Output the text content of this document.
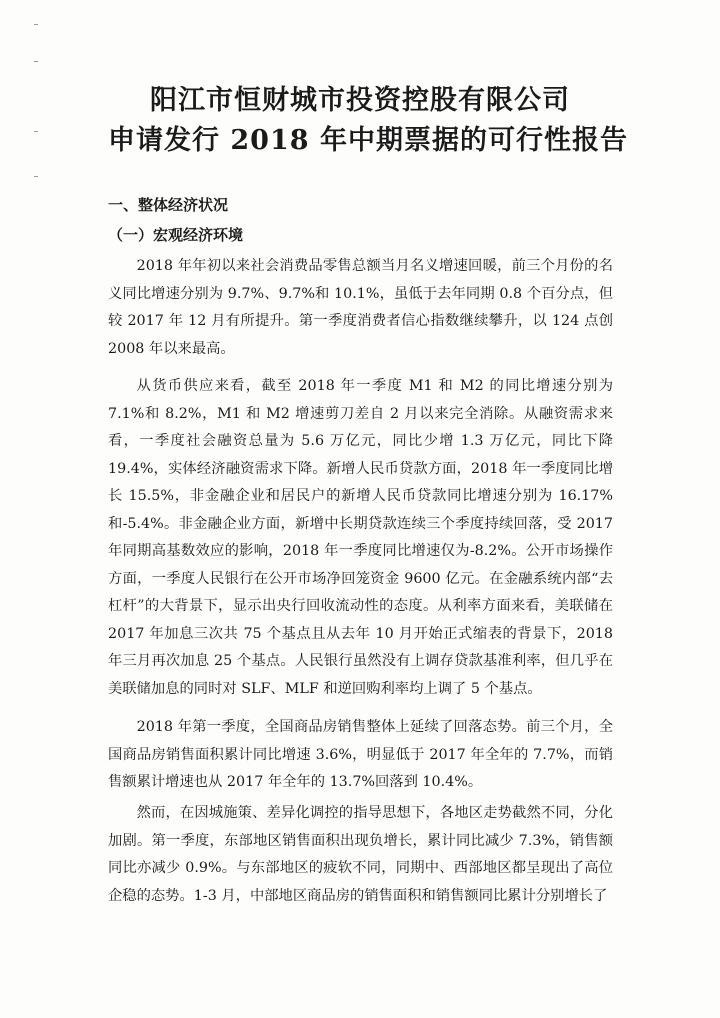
阳江市恒财城市投资控股有限公司
申请发行 2018 年中期票据的可行性报告
一、整体经济状况
（一）宏观经济环境

2018 年年初以来社会消费品零售总额当月名义增速回暖，前三个月份的名义同比增速分别为 9.7%、9.7%和 10.1%，虽低于去年同期 0.8 个百分点，但较 2017 年 12 月有所提升。第一季度消费者信心指数继续攀升，以 124 点创 2008 年以来最高。

从货币供应来看，截至 2018 年一季度 M1 和 M2 的同比增速分别为 7.1%和 8.2%，M1 和 M2 增速剪刀差自 2 月以来完全消除。从融资需求来看，一季度社会融资总量为 5.6 万亿元，同比少增 1.3 万亿元，同比下降 19.4%，实体经济融资需求下降。新增人民币贷款方面，2018 年一季度同比增长 15.5%，非金融企业和居民户的新增人民币贷款同比增速分别为 16.17%和-5.4%。非金融企业方面，新增中长期贷款连续三个季度持续回落，受 2017 年同期高基数效应的影响，2018 年一季度同比增速仅为-8.2%。公开市场操作方面，一季度人民银行在公开市场净回笼资金 9600 亿元。在金融系统内部“去杠杆”的大背景下，显示出央行回收流动性的态度。从利率方面来看，美联储在 2017 年加息三次共 75 个基点且从去年 10 月开始正式缩表的背景下，2018 年三月再次加息 25 个基点。人民银行虽然没有上调存贷款基准利率，但几乎在美联储加息的同时对 SLF、MLF 和逆回购利率均上调了 5 个基点。

2018 年第一季度，全国商品房销售整体上延续了回落态势。前三个月，全国商品房销售面积累计同比增速 3.6%，明显低于 2017 年全年的 7.7%，而销售额累计增速也从 2017 年全年的 13.7%回落到 10.4%。

然而，在因城施策、差异化调控的指导思想下，各地区走势截然不同，分化加剧。第一季度，东部地区销售面积出现负增长，累计同比减少 7.3%，销售额同比亦减少 0.9%。与东部地区的疲软不同，同期中、西部地区都呈现出了高位企稳的态势。1-3 月，中部地区商品房的销售面积和销售额同比累计分别增长了
